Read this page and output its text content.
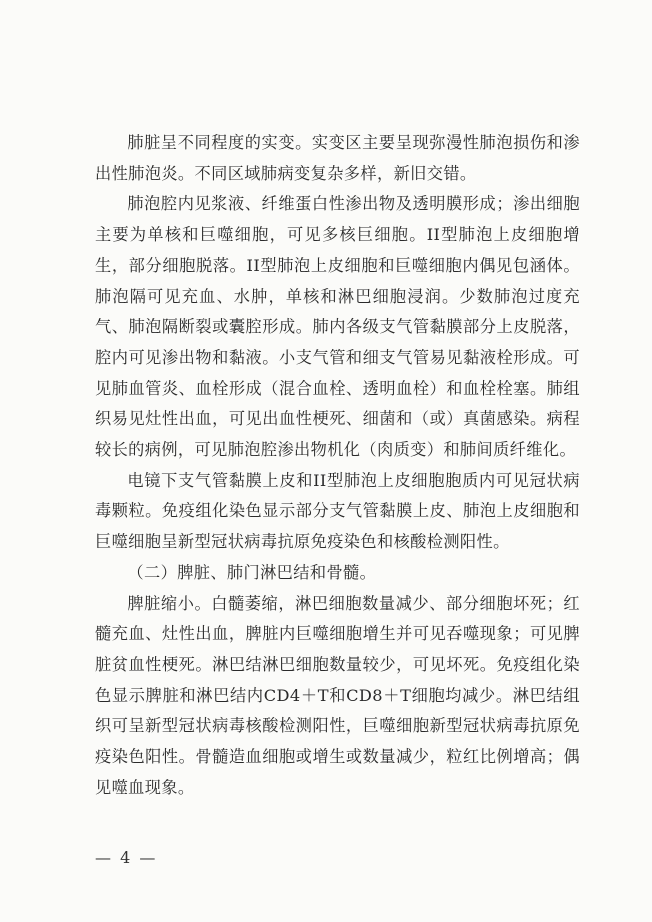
肺脏呈不同程度的实变。实变区主要呈现弥漫性肺泡损伤和渗出性肺泡炎。不同区域肺病变复杂多样，新旧交错。

肺泡腔内见浆液、纤维蛋白性渗出物及透明膜形成；渗出细胞主要为单核和巨噬细胞，可见多核巨细胞。II型肺泡上皮细胞增生，部分细胞脱落。II型肺泡上皮细胞和巨噬细胞内偶见包涵体。肺泡隔可见充血、水肿，单核和淋巴细胞浸润。少数肺泡过度充气、肺泡隔断裂或囊腔形成。肺内各级支气管黏膜部分上皮脱落，腔内可见渗出物和黏液。小支气管和细支气管易见黏液栓形成。可见肺血管炎、血栓形成（混合血栓、透明血栓）和血栓栓塞。肺组织易见灶性出血，可见出血性梗死、细菌和（或）真菌感染。病程较长的病例，可见肺泡腔渗出物机化（肉质变）和肺间质纤维化。

电镜下支气管黏膜上皮和II型肺泡上皮细胞胞质内可见冠状病毒颗粒。免疫组化染色显示部分支气管黏膜上皮、肺泡上皮细胞和巨噬细胞呈新型冠状病毒抗原免疫染色和核酸检测阳性。

（二）脾脏、肺门淋巴结和骨髓。

脾脏缩小。白髓萎缩，淋巴细胞数量减少、部分细胞坏死；红髓充血、灶性出血，脾脏内巨噬细胞增生并可见吞噬现象；可见脾脏贫血性梗死。淋巴结淋巴细胞数量较少，可见坏死。免疫组化染色显示脾脏和淋巴结内CD4＋T和CD8＋T细胞均减少。淋巴结组织可呈新型冠状病毒核酸检测阳性，巨噬细胞新型冠状病毒抗原免疫染色阳性。骨髓造血细胞或增生或数量减少，粒红比例增高；偶见噬血现象。

— 4 —
